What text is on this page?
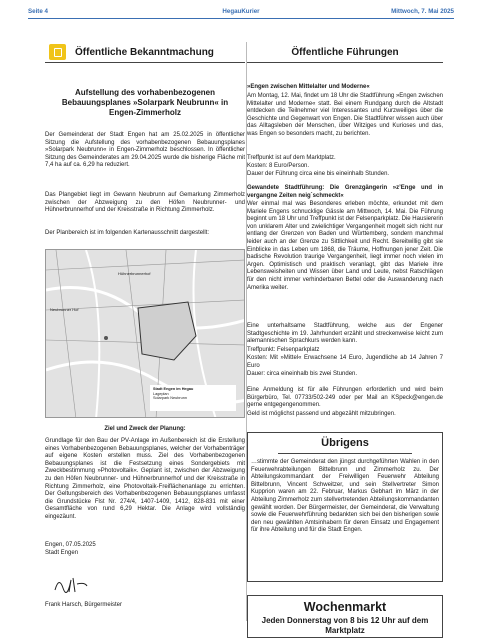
Seite 4	HegauKurier	Mittwoch, 7. Mai 2025
Öffentliche Bekanntmachung
Aufstellung des vorhabenbezogenen Bebauungsplanes »Solarpark Neubrunn« in Engen-Zimmerholz
Der Gemeinderat der Stadt Engen hat am 25.02.2025 in öffentlicher Sitzung die Aufstellung des vorhabenbezogenen Bebauungsplanes »Solarpark Neubrunn« in Engen-Zimmerholz beschlossen. In öffentlicher Sitzung des Gemeinderates am 29.04.2025 wurde die bisherige Fläche mit 7,4 ha auf ca. 6,29 ha reduziert.
Das Plangebiet liegt im Gewann Neubrunn auf Gemarkung Zimmerholz zwischen der Abzweigung zu den Höfen Neubrunner- und Hühnerbrunnerhof und der Kreisstraße in Richtung Zimmerholz.
Der Planbereich ist im folgenden Kartenausschnitt dargestellt:
Hühnerbrunnerhof
Neubrunner Hof
Stadt Engen im Hegau
Lageplan
Solarpark Neubrunn
Ziel und Zweck der Planung:
Grundlage für den Bau der PV-Anlage im Außenbereich ist die Erstellung eines Vorhabenbezogenen Bebauungsplanes, welcher der Vorhabenträger auf eigene Kosten erstellen muss. Ziel des Vorhabenbezogenen Bebauungsplanes ist die Festsetzung eines Sondergebiets mit Zweckbestimmung »Photovoltaik«. Geplant ist, zwischen der Abzweigung zu den Höfen Neubrunner- und Hühnerbrunnerhof und der Kreisstraße in Richtung Zimmerholz, eine Photovoltaik-Freiflächenanlage zu errichten. Der Geltungsbereich des Vorhabenbezogenen Bebauungsplanes umfasst die Grundstücke Flst Nr. 274/4, 1407-1409, 1412, 828-831 mit einer Gesamtfläche von rund 6,29 Hektar. Die Anlage wird vollständig eingezäunt.
Engen, 07.05.2025
Stadt Engen
Frank Harsch, Bürgermeister
Öffentliche Führungen
»Engen zwischen Mittelalter und Moderne«
Am Montag, 12. Mai, findet um 18 Uhr die Stadtführung »Engen zwischen Mittelalter und Moderne« statt. Bei einem Rundgang durch die Altstadt entdecken die Teilnehmer viel Interessantes und Kurzweiliges über die Geschichte und Gegenwart von Engen. Die Stadtführer wissen auch über das Alltagsleben der Menschen, über Witziges und Kurioses und das, was Engen so besonders macht, zu berichten.
Treffpunkt ist auf dem Marktplatz.
Kosten: 8 Euro/Person.
Dauer der Führung circa eine bis eineinhalb Stunden.
Gewandete Stadtführung: Die Grenzgängerin »z’Enge und in vergangne Zeiten neig`schmeckt«
Wer einmal mal was Besonderes erleben möchte, erkundet mit dem Mariele Engens schnucklige Gässle am Mittwoch, 14. Mai. Die Führung beginnt um 18 Uhr und Treffpunkt ist der Felsenparkplatz. Die Hausiererin von unklarem Alter und zwielichtiger Vergangenheit mogelt sich nicht nur entlang der Grenzen von Baden und Württemberg, sondern manchmal leider auch an der Grenze zu Sittlichkeit und Recht. Bereitwillig gibt sie Einblicke in das Leben um 1868, die Träume, Hoffnungen jener Zeit. Die badische Revolution traurige Vergangenheit, liegt immer noch vielen im Argen. Optimistisch und praktisch veranlagt, gibt das Mariele ihre Lebensweisheiten und Wissen über Land und Leute, nebst Ratschlägen für den nicht immer verhinderbaren Bettel oder die Auswanderung nach Amerika weiter.
Eine unterhaltsame Stadtführung, welche aus der Engener Stadtgeschichte im 19. Jahrhundert erzählt und streckenweise leicht zum alemannischen Sprachkurs werden kann.
Treffpunkt: Felsenparkplatz
Kosten: Mit »Mittel« Erwachsene 14 Euro, Jugendliche ab 14 Jahren 7 Euro
Dauer: circa eineinhalb bis zwei Stunden.
Eine Anmeldung ist für alle Führungen erforderlich und wird beim Bürgerbüro, Tel. 07733/502-249 oder per Mail an KSpeck@engen.de gerne entgegengenommen.
Geld ist möglichst passend und abgezählt mitzubringen.
Übrigens
…stimmte der Gemeinderat den jüngst durchgeführten Wahlen in den Feuerwehrabteilungen Bittelbrunn und Zimmerholz zu. Der Abteilungskommandant der Freiwilligen Feuerwehr Abteilung Bittelbrunn, Vincent Schweitzer, und sein Stellvertreter Simon Kupprion waren am 22. Februar, Markus Gebhart im März in der Abteilung Zimmerholz zum stellvertretenden Abteilungskommandanten gewählt worden. Der Bürgermeister, der Gemeinderat, die Verwaltung sowie die Feuerwehrführung bedankten sich bei den bisherigen sowie den neu gewählten Amtsinhabern für deren Einsatz und Engagement für ihre Abteilung und für die Stadt Engen.
Wochenmarkt
Jeden Donnerstag von 8 bis 12 Uhr auf dem Marktplatz
